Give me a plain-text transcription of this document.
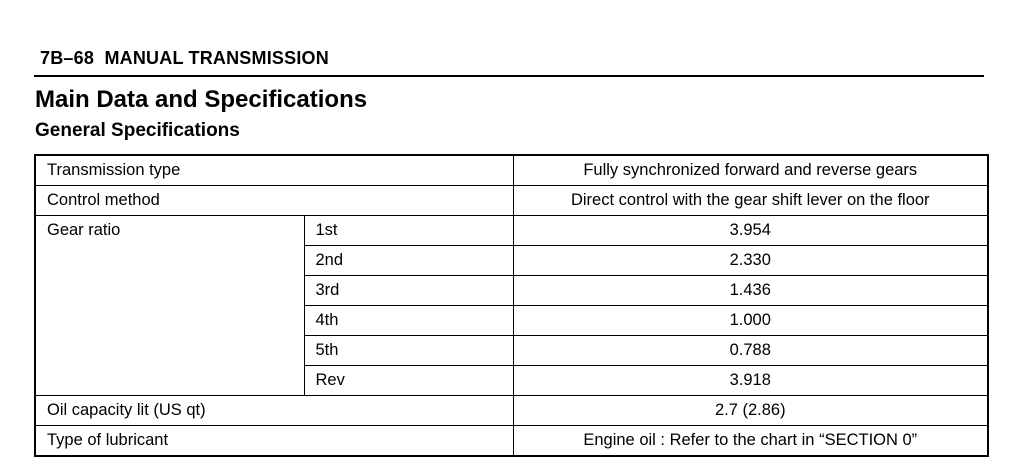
7B–68 MANUAL TRANSMISSION
Main Data and Specifications
General Specifications
Transmission type		Fully synchronized forward and reverse gears
Control method		Direct control with the gear shift lever on the floor
Gear ratio	1st	3.954
	2nd	2.330
	3rd	1.436
	4th	1.000
	5th	0.788
	Rev	3.918
Oil capacity lit (US qt)		2.7 (2.86)
Type of lubricant		Engine oil : Refer to the chart in “SECTION 0”
